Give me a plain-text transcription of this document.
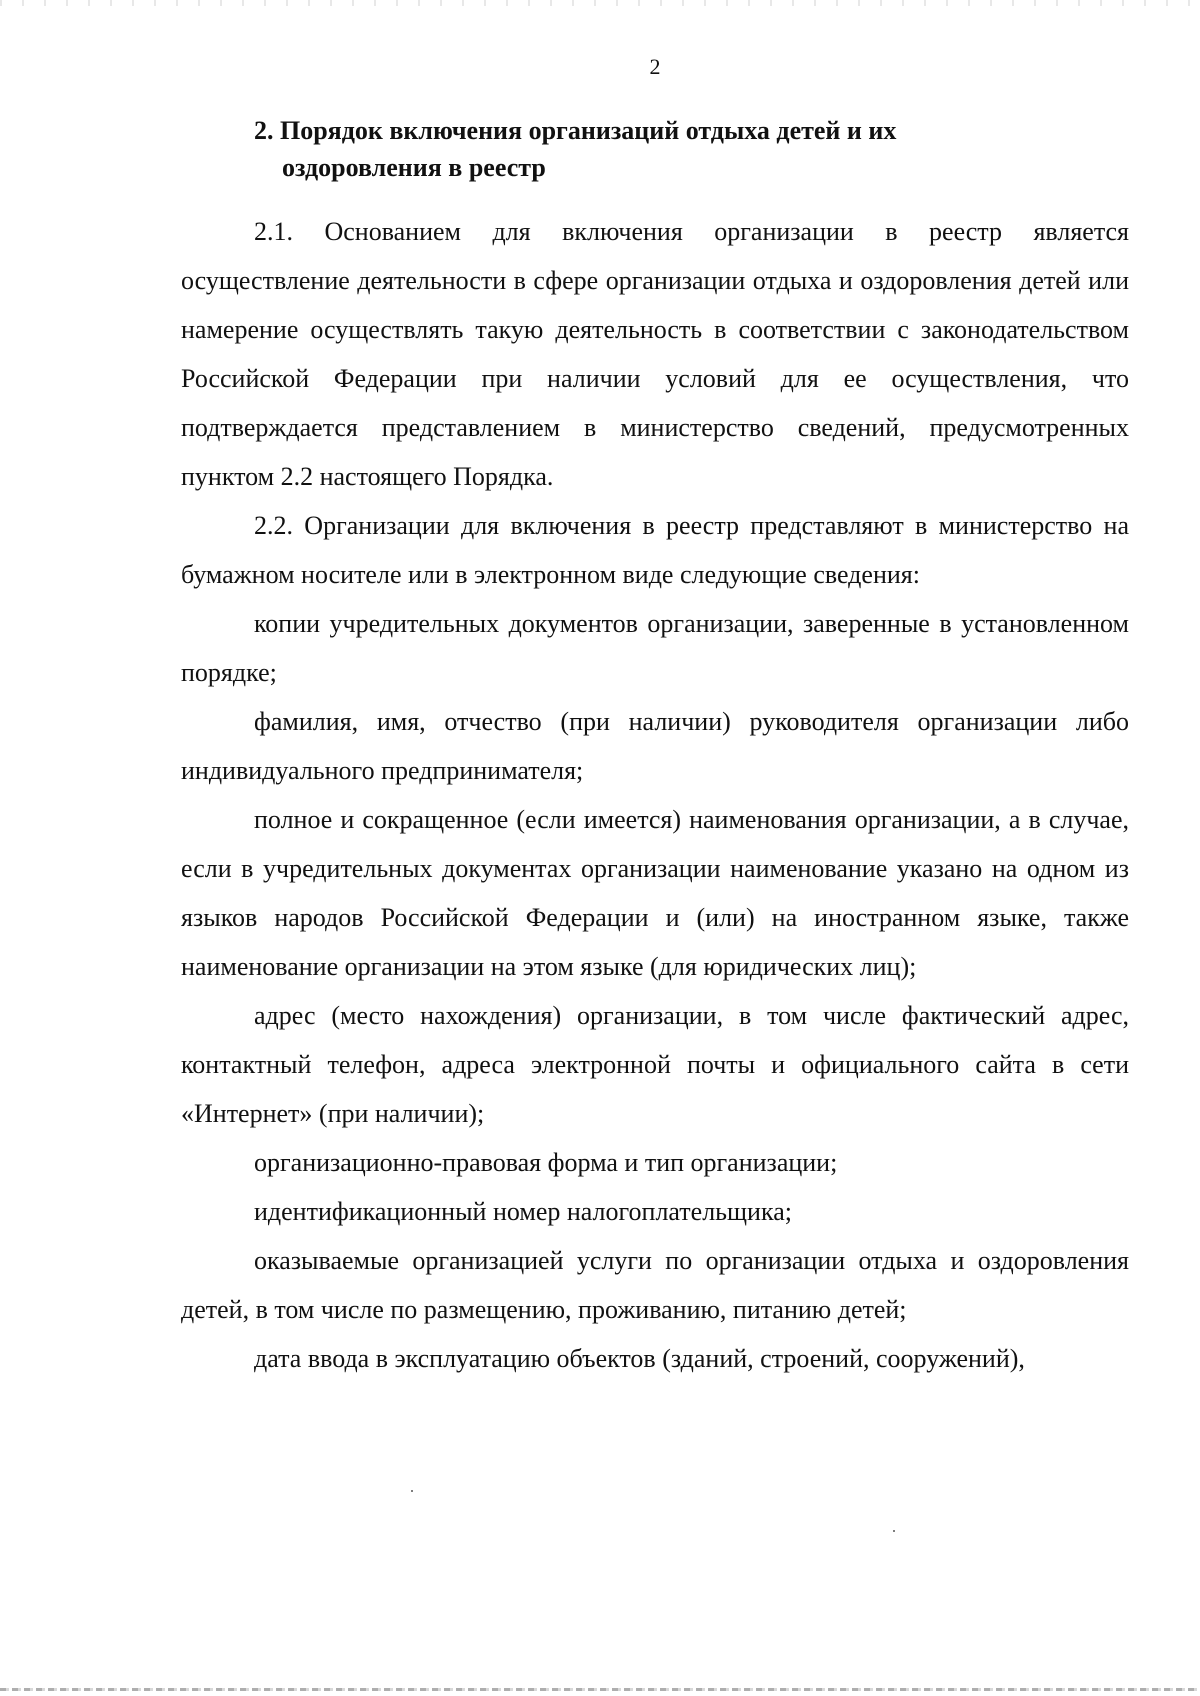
2
2. Порядок включения организаций отдыха детей и их
оздоровления в реестр

2.1. Основанием для включения организации в реестр является осуществление деятельности в сфере организации отдыха и оздоровления детей или намерение осуществлять такую деятельность в соответствии с законодательством Российской Федерации при наличии условий для ее осуществления, что подтверждается представлением в министерство сведений, предусмотренных пунктом 2.2 настоящего Порядка.

2.2. Организации для включения в реестр представляют в министерство на бумажном носителе или в электронном виде следующие сведения:

копии учредительных документов организации, заверенные в установленном порядке;

фамилия, имя, отчество (при наличии) руководителя организации либо индивидуального предпринимателя;

полное и сокращенное (если имеется) наименования организации, а в случае, если в учредительных документах организации наименование указано на одном из языков народов Российской Федерации и (или) на иностранном языке, также наименование организации на этом языке (для юридических лиц);

адрес (место нахождения) организации, в том числе фактический адрес, контактный телефон, адреса электронной почты и официального сайта в сети «Интернет» (при наличии);

организационно-правовая форма и тип организации;

идентификационный номер налогоплательщика;

оказываемые организацией услуги по организации отдыха и оздоровления детей, в том числе по размещению, проживанию, питанию детей;

дата ввода в эксплуатацию объектов (зданий, строений, сооружений),
